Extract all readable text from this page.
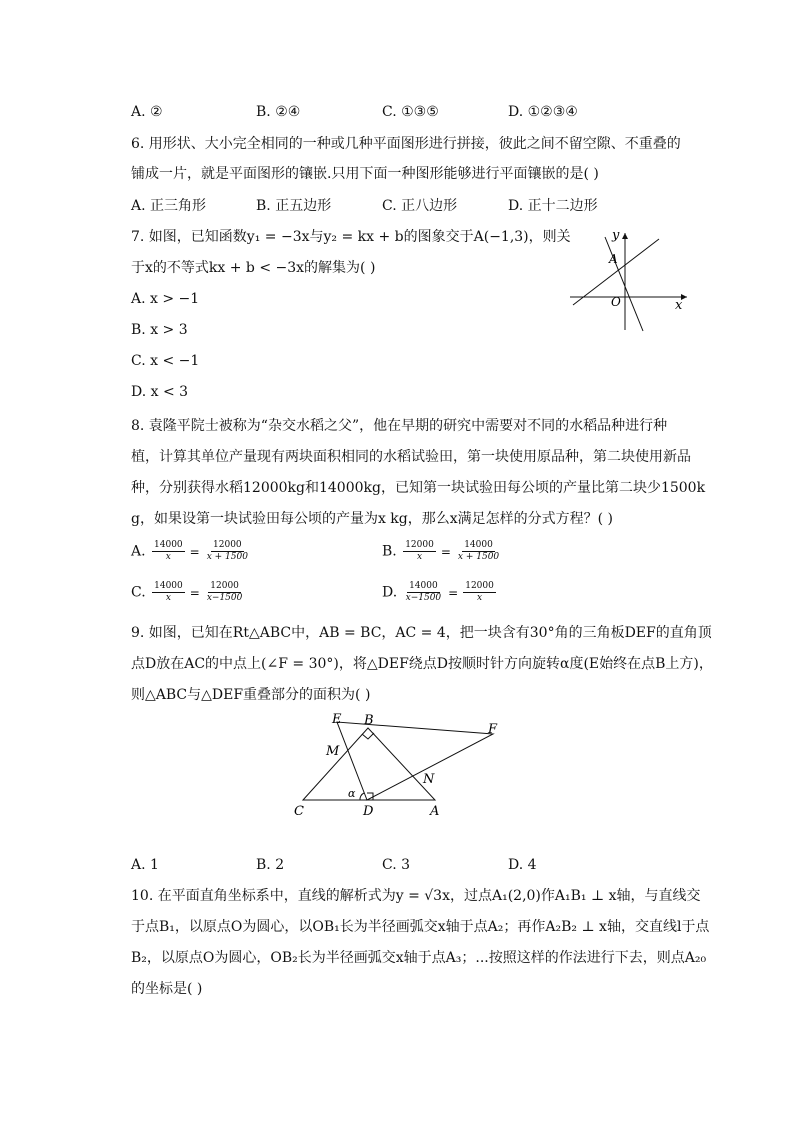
A. ②	B. ②④	C. ①③⑤	D. ①②③④
6. 用形状、大小完全相同的一种或几种平面图形进行拼接，彼此之间不留空隙、不重叠的
铺成一片，就是平面图形的镶嵌.只用下面一种图形能够进行平面镶嵌的是( )
A. 正三角形	B. 正五边形	C. 正八边形	D. 正十二边形
7. 如图，已知函数y₁ = −3x与y₂ = kx + b的图象交于A(−1,3)，则关
于x的不等式kx + b < −3x的解集为( )
A. x > −1
B. x > 3
C. x < −1
D. x < 3
y
x
O
A
8. 袁隆平院士被称为“杂交水稻之父”，他在早期的研究中需要对不同的水稻品种进行种
植，计算其单位产量现有两块面积相同的水稻试验田，第一块使用原品种，第二块使用新品
种，分别获得水稻12000kg和14000kg，已知第一块试验田每公顷的产量比第二块少1500k
g，如果设第一块试验田每公顷的产量为x kg，那么x满足怎样的分式方程？( )
A. $\frac{14000}{x} = \frac{12000}{x + 1500}$	B. $\frac{12000}{x} = \frac{14000}{x + 1500}$
C. $\frac{14000}{x} = \frac{12000}{x-1500}$	D. $\frac{14000}{x-1500} = \frac{12000}{x}$
9. 如图，已知在Rt△ABC中，AB = BC，AC = 4，把一块含有30°角的三角板DEF的直角顶
点D放在AC的中点上(∠F = 30°)，将△DEF绕点D按顺时针方向旋转α度(E始终在点B上方)，
则△ABC与△DEF重叠部分的面积为( )
E B
F
M
N
C	D	A
α
A. 1	B. 2	C. 3	D. 4
10. 在平面直角坐标系中，直线的解析式为y = √3x，过点A₁(2,0)作A₁B₁ ⊥ x轴，与直线交
于点B₁，以原点O为圆心，以OB₁长为半径画弧交x轴于点A₂；再作A₂B₂ ⊥ x轴，交直线l于点
B₂，以原点O为圆心，OB₂长为半径画弧交x轴于点A₃；...按照这样的作法进行下去，则点A₂₀
的坐标是( )
